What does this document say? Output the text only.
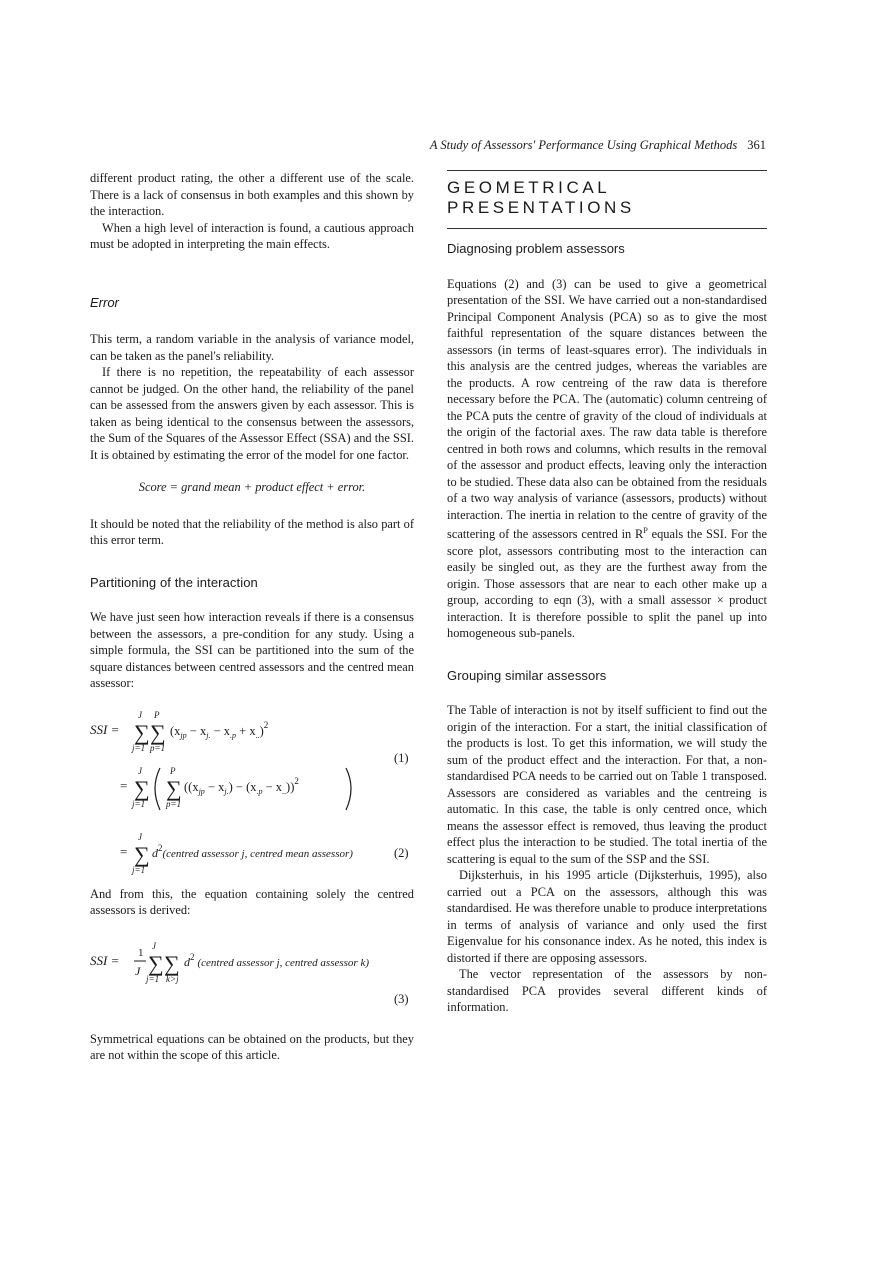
A Study of Assessors' Performance Using Graphical Methods 361

different product rating, the other a different use of the scale. There is a lack of consensus in both examples and this shown by the interaction.

When a high level of interaction is found, a cautious approach must be adopted in interpreting the main effects.

Error

This term, a random variable in the analysis of variance model, can be taken as the panel's reliability.

If there is no repetition, the repeatability of each assessor cannot be judged. On the other hand, the reliability of the panel can be assessed from the answers given by each assessor. This is taken as being identical to the consensus between the assessors, the Sum of the Squares of the Assessor Effect (SSA) and the SSI. It is obtained by estimating the error of the model for one factor.

Score = grand mean + product effect + error.

It should be noted that the reliability of the method is also part of this error term.

Partitioning of the interaction

We have just seen how interaction reveals if there is a consensus between the assessors, a pre-condition for any study. Using a simple formula, the SSI can be partitioned into the sum of the square distances between centred assessors and the centred mean assessor:

SSI = ∑ ∑
J P
j=1 p=1
$(x_{jp} - x_{j.} - x_{.p} + x_{..})^2$
(1)
= ∑
J
j=1
∑
P
p=1
$((x_{jp} - x_{j.}) - (x_{.p} - x_{..}))^2$
= ∑
J
j=1
$d^2(centred$ assessor j, centred mean assessor)	(2)

And from this, the equation containing solely the centred assessors is derived:

SSI = 1
J ∑ ∑
J
j=1 k>j
$d^2$ (centred assessor j, centred assessor k)
(3)

Symmetrical equations can be obtained on the products, but they are not within the scope of this article.

GEOMETRICAL
PRESENTATIONS
Diagnosing problem assessors

Equations (2) and (3) can be used to give a geometrical presentation of the SSI. We have carried out a non-standardised Principal Component Analysis (PCA) so as to give the most faithful representation of the square distances between the assessors (in terms of least-squares error). The individuals in this analysis are the centred judges, whereas the variables are the products. A row centreing of the raw data is therefore necessary before the PCA. The (automatic) column centreing of the PCA puts the centre of gravity of the cloud of individuals at the origin of the factorial axes. The raw data table is therefore centred in both rows and columns, which results in the removal of the assessor and product effects, leaving only the interaction to be studied. These data also can be obtained from the residuals of a two way analysis of variance (assessors, products) without interaction. The inertia in relation to the centre of gravity of the scattering of the assessors centred in $R^P$ equals the SSI. For the score plot, assessors contributing most to the interaction can easily be singled out, as they are the furthest away from the origin. Those assessors that are near to each other make up a group, according to eqn (3), with a small assessor × product interaction. It is therefore possible to split the panel up into homogeneous sub-panels.

Grouping similar assessors

The Table of interaction is not by itself sufficient to find out the origin of the interaction. For a start, the initial classification of the products is lost. To get this information, we will study the sum of the product effect and the interaction. For that, a non-standardised PCA needs to be carried out on Table 1 transposed. Assessors are considered as variables and the centreing is automatic. In this case, the table is only centred once, which means the assessor effect is removed, thus leaving the product effect plus the interaction to be studied. The total inertia of the scattering is equal to the sum of the SSP and the SSI.

Dijksterhuis, in his 1995 article (Dijksterhuis, 1995), also carried out a PCA on the assessors, although this was standardised. He was therefore unable to produce interpretations in terms of analysis of variance and only used the first Eigenvalue for his consonance index. As he noted, this index is distorted if there are opposing assessors.

The vector representation of the assessors by non-standardised PCA provides several different kinds of information.
